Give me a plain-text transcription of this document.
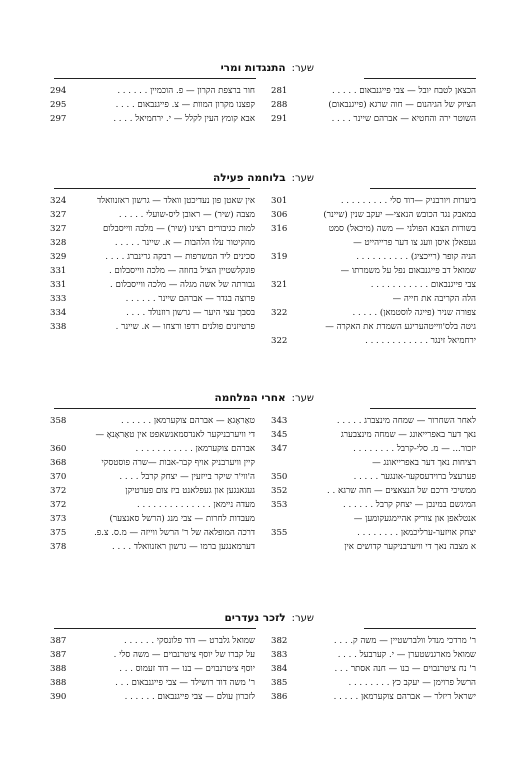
שער:
התנגדות ומרי
הכצאן לטבח יובל — צבי פייגנבאום . . . . .
281
הציוק של הגיהנום — חוה שרגא (פייגנבאום)
288
השוטר ירה והחטיא — אברהם שיינר . . . .
291
חור ברצפת הקרון — פ. הוכמיין . . . . . .
294
קפצנו מקרון המוות — צ. פייגנבאום . . . .
295
אבא קומץ העין לקלל — י. ירחמיאל . . . .
297
שער:
בלוחמה פעילה
ביערות ויורבניק —דוד סלי . . . . . . . . .
301
במאבק נגד הכובש הנאצי— יעקב שנין (שיינר)
306
בשורות הצבא הפולני — משה (מיכאל) סמט
316
געפאלן איסן וועג צו דער פרייהייט —
הניה קופר (רייכציג) . . . . . . . . . .
319
שמואל דב פייגנבאום נפל על משמרתו —
צבי פייגנבאום . . . . . . . . . . .
321
הלה הקריבה את חייה —
צפורה שניר (פייגה לוסטמאן) . . . . .
322
גיטה בלס'ווייטהעריגע השמדת את האקרה —
ירחמיאל זינגר . . . . . . . . . . . .
322
אין שאטן פון נעדיכטן וואלד — גרשון ראזנוואלד
324
מצבה (שיר) — ראובן ליס-שועלי . . . . .
327
למות כגיבורים רצינו (שיר) — מלכה ווייסבלום
327
מהקיטור עלו הלהבות — א. שיינר . . . . .
328
סכינים ליד המשרפות — רבקה גרינברג . . . .
329
פונקלשטיין הציל בחוזה — מלכה ווייסבלום .
331
גבורתה של אשה מגלה — מלכה ווייסבלום .
331
פרוצה בגדר — אברהם שיינר . . . . . .
333
בסבך עצי היער — גרשון רוזנולד . . . .
334
פרטיזנים פולנים רדפו ורצחו — א. שיינר .
338
שער:
אחרי המלחמה
לאחר השחרור — שמחה מינצברג . . . . .
343
נאך דער באפרייאונג — שמחה מינצבערג
345
יזכור... — מ. סלי-קרבל . . . . . . . .
347
רציחות נאך דער באפרייאונג —
פערעצל ברוידעסקער-אונגער . . . . .
350
ממשיכי דרכם של הנצאצים — חוה שרגא . .
352
המיגשם במינכן — יצחק קרבל . . . . . .
353
אנטלאפן און צוריק אהיימגעקומען —
יצחק אויזער-ערליכמאן . . . . . . . .
355
א מצבה נאך די וויערבניקער קדושים אין
טאַראָגאַ — אברהם צוקערמאן . . . . . .
358
די וויערבניקער לאנדסמאנשאפט אין טאַראָנאָ —
אברהם צוקערמאן . . . . . . . . . . .
360
קיין וויערבניק אויף קבר-אבות —שרה פוסטסקי
368
ה'ווי'ר שיקר בייזעין — יצחק קרבל . . . .
370
געגאנגען און געפלאנט ביז צום פערטיקן
372
מעדה ניימאן . . . . . . . . . . . . . .
372
מעבדות לחרות — צבי מנג (הרשל סאנצער)
373
דרכה המופלאה של ר' הרשל ווייזה — מ.ס. צ.פ.
375
דערמאנגען ברמו — גרשון ראזנוואלד . . . .
378
שער:
לזכר נעדרים
ר' מרדכי מנדל וולברשטיין — משה ק. . . .
382
שמואל מארגנשטערן — י. קערבעל . . . .
383
ר' נח ציטרנבוים — בנו — חנה אסתר . . .
384
הרשל פרוימן — יעקב כץ . . . . . . . .
385
ישראל ריזלר — אברהם צוקערמאן . . . . .
386
שמואל גלברט — דוד פלונסקי . . . . . .
387
על קברו של יוסף ציטרנבוים — משה סלי .
387
יוסף ציטרנבוים — בנו — דוד זעמוס . . .
388
ר' משה דוד רושילד — צבי פייגנבאום . . .
388
לזכרון עולם — צבי פייגנבאום . . . . . .
390
